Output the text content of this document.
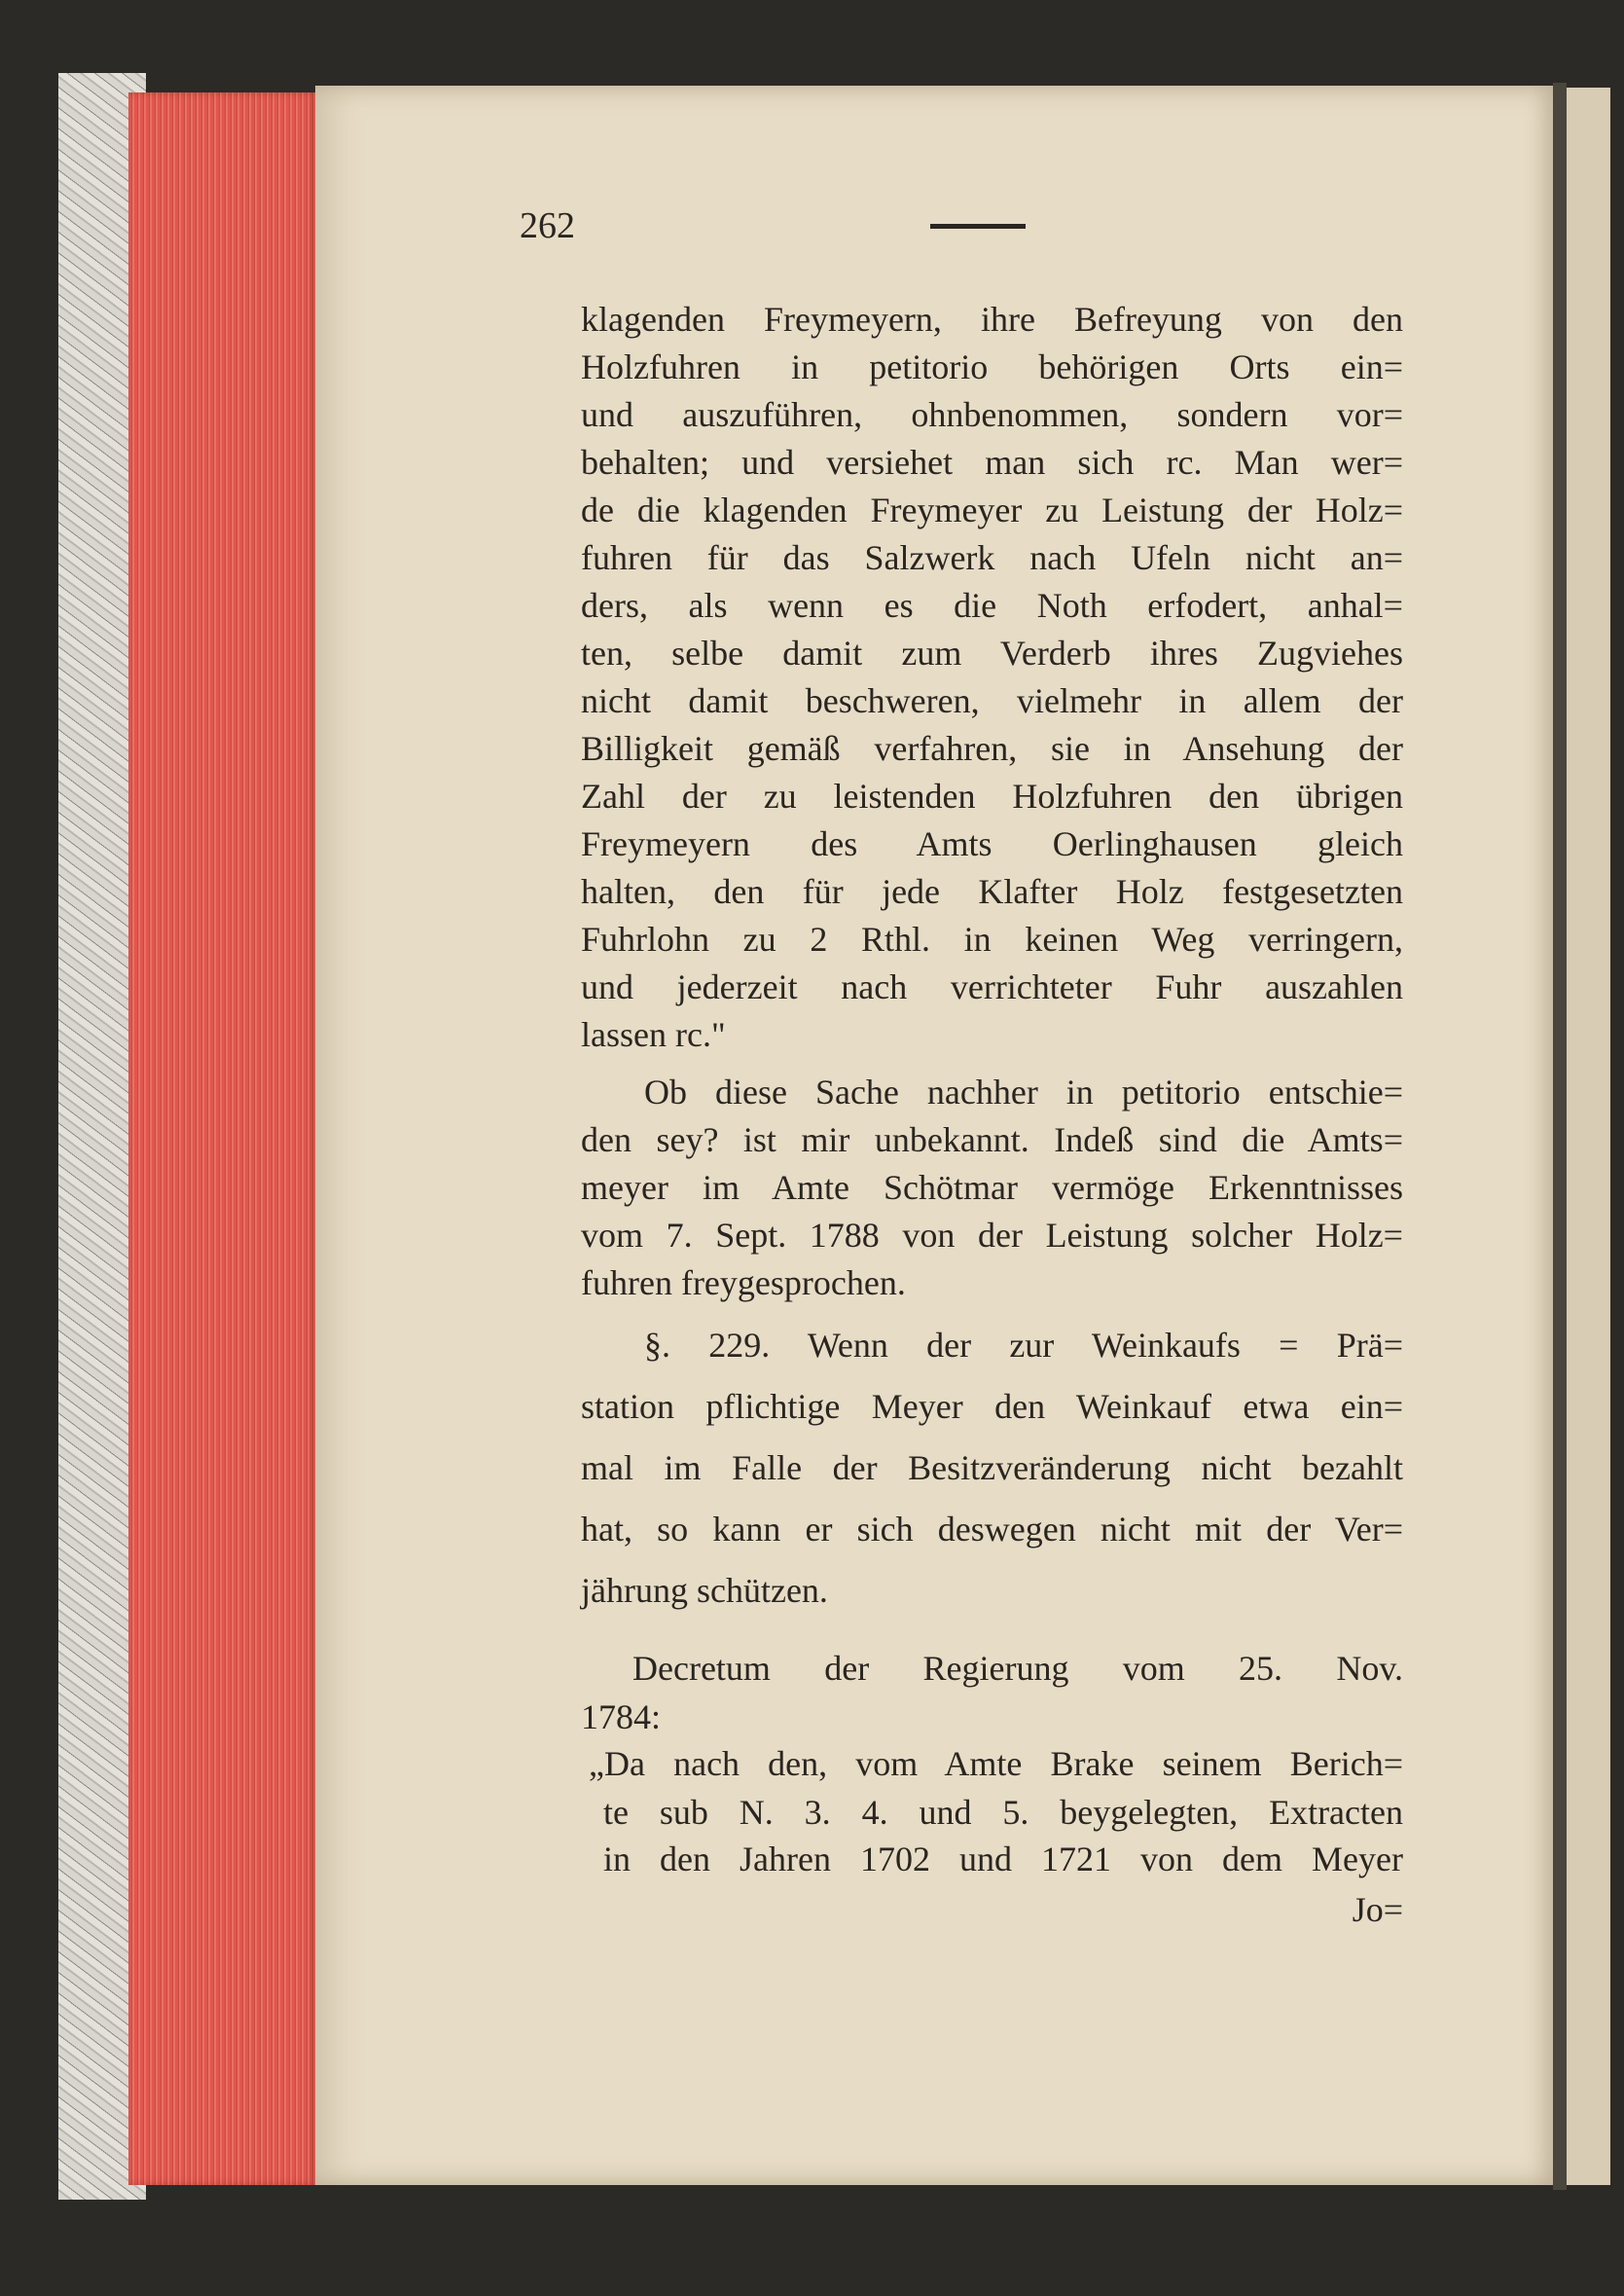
262
klagenden Freymeyern, ihre Befreyung von den
Holzfuhren in petitorio behörigen Orts ein=
und auszuführen, ohnbenommen, sondern vor=
behalten; und versiehet man sich rc. Man wer=
de die klagenden Freymeyer zu Leistung der Holz=
fuhren für das Salzwerk nach Ufeln nicht an=
ders, als wenn es die Noth erfodert, anhal=
ten, selbe damit zum Verderb ihres Zugviehes
nicht damit beschweren, vielmehr in allem der
Billigkeit gemäß verfahren, sie in Ansehung der
Zahl der zu leistenden Holzfuhren den übrigen
Freymeyern des Amts Oerlinghausen gleich
halten, den für jede Klafter Holz festgesetzten
Fuhrlohn zu 2 Rthl. in keinen Weg verringern,
und jederzeit nach verrichteter Fuhr auszahlen
lassen rc."
Ob diese Sache nachher in petitorio entschie=
den sey? ist mir unbekannt. Indeß sind die Amts=
meyer im Amte Schötmar vermöge Erkenntnisses
vom 7. Sept. 1788 von der Leistung solcher Holz=
fuhren freygesprochen.
§. 229. Wenn der zur Weinkaufs = Prä=
station pflichtige Meyer den Weinkauf etwa ein=
mal im Falle der Besitzveränderung nicht bezahlt
hat, so kann er sich deswegen nicht mit der Ver=
jährung schützen.
Decretum der Regierung vom 25. Nov.
1784:
„Da nach den, vom Amte Brake seinem Berich=
te sub N. 3. 4. und 5. beygelegten, Extracten
in den Jahren 1702 und 1721 von dem Meyer
Jo=
